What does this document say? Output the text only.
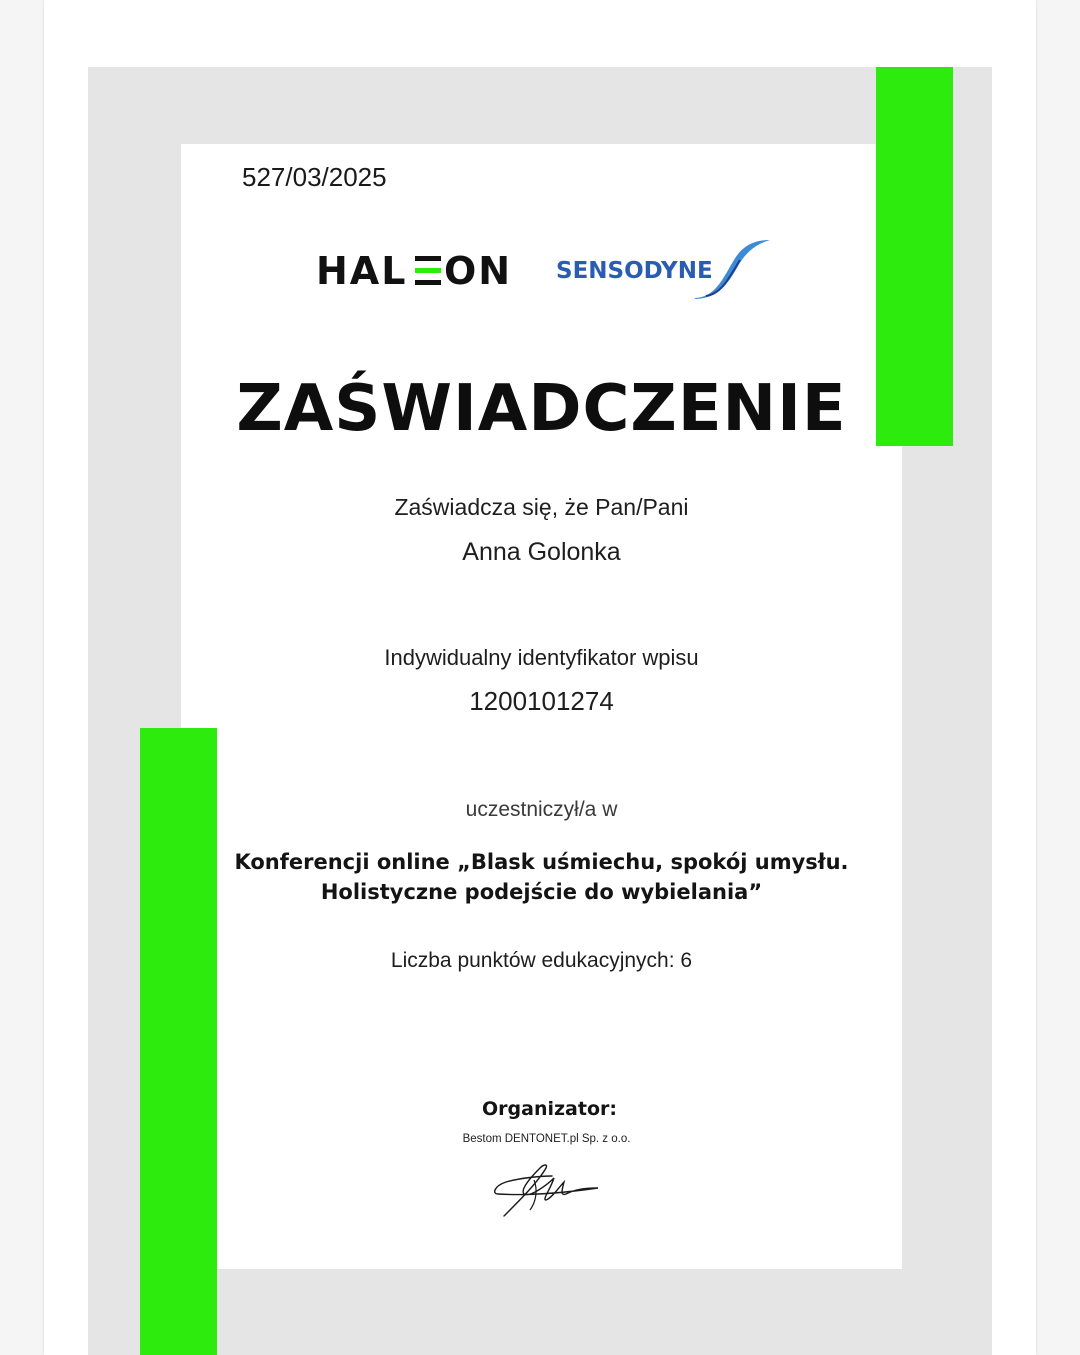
527/03/2025
HAL ON SENSODYNE
ZAŚWIADCZENIE
Zaświadcza się, że Pan/Pani
Anna Golonka
Indywidualny identyfikator wpisu
1200101274
uczestniczył/a w
Konferencji online „Blask uśmiechu, spokój umysłu.
Holistyczne podejście do wybielania”
Liczba punktów edukacyjnych: 6
Organizator:
Bestom DENTONET.pl Sp. z o.o.
